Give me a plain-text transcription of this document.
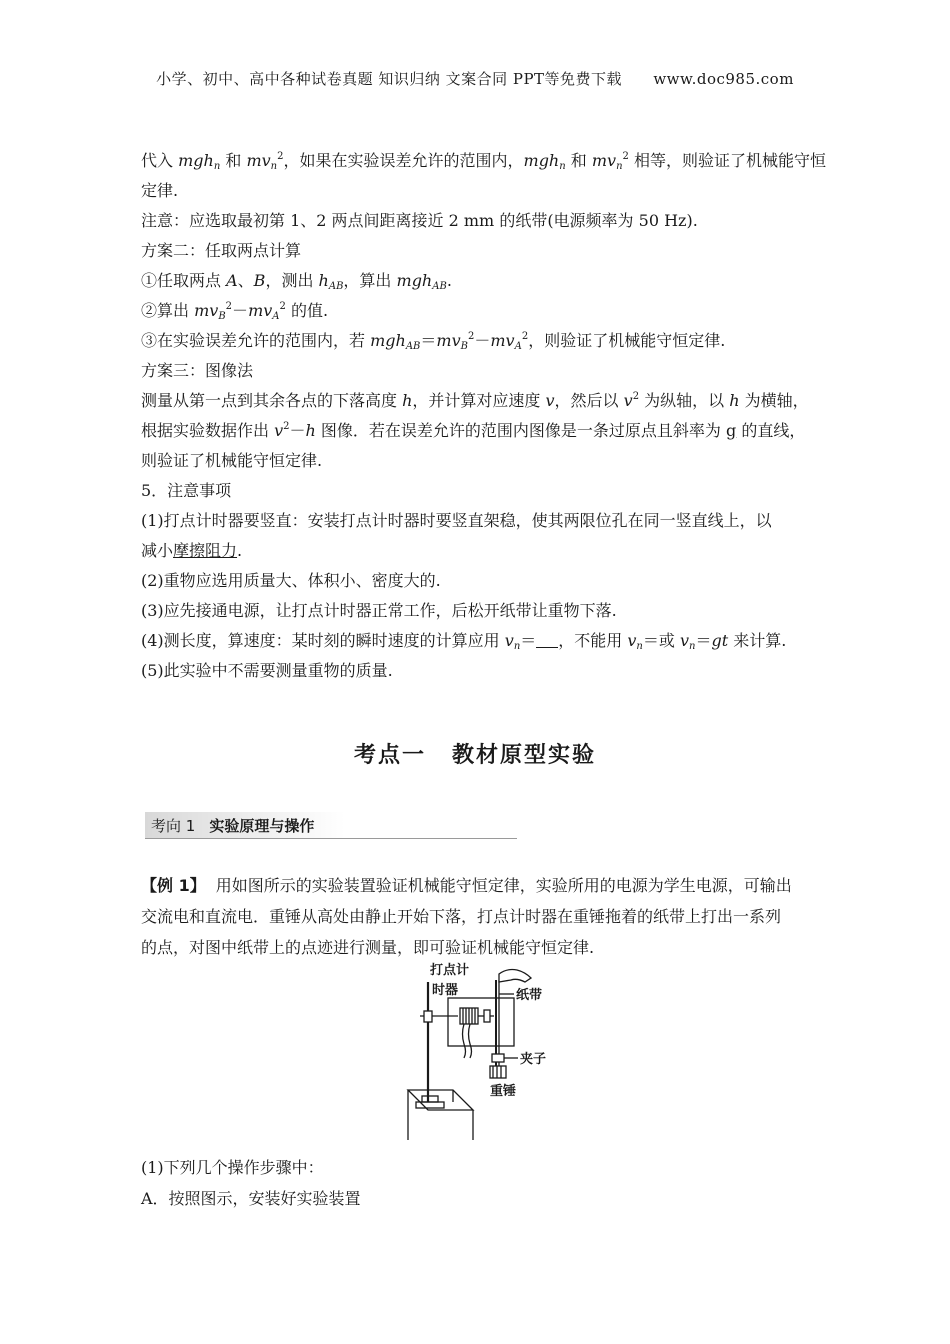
小学、初中、高中各种试卷真题 知识归纳 文案合同 PPT等免费下载 www.doc985.com
代入 mgh$_n$ 和 $mv_n^2$，如果在实验误差允许的范围内，mgh$_n$ 和 $mv_n^2$ 相等，则验证了机械能守恒
定律.
注意：应选取最初第 1、2 两点间距离接近 2 mm 的纸带(电源频率为 50 Hz).
方案二：任取两点计算
①任取两点 A、B，测出 $h_{AB}$，算出 mgh$_{AB}$.
②算出 $mv_B^2-mv_A^2$ 的值.
③在实验误差允许的范围内，若 $mgh_{AB}=mv_B^2-mv_A^2$，则验证了机械能守恒定律.
方案三：图像法
测量从第一点到其余各点的下落高度 h，并计算对应速度 v，然后以 $v^2$ 为纵轴，以 h 为横轴，
根据实验数据作出 $v^2-h$ 图像．若在误差允许的范围内图像是一条过原点且斜率为 g 的直线，
则验证了机械能守恒定律.
5．注意事项
(1)打点计时器要竖直：安装打点计时器时要竖直架稳，使其两限位孔在同一竖直线上，以
减小摩擦阻力.
(2)重物应选用质量大、体积小、密度大的.
(3)应先接通电源，让打点计时器正常工作，后松开纸带让重物下落.
(4)测长度，算速度：某时刻的瞬时速度的计算应用 $v_n=$ ，不能用 $v_n=$或 $v_n=gt$ 来计算.
(5)此实验中不需要测量重物的质量.
考点一 教材原型实验
考向 1 实验原理与操作
【例 1】 用如图所示的实验装置验证机械能守恒定律，实验所用的电源为学生电源，可输出
交流电和直流电．重锤从高处由静止开始下落，打点计时器在重锤拖着的纸带上打出一系列
的点，对图中纸带上的点迹进行测量，即可验证机械能守恒定律.
打点计
时器	纸带
夹子
重锤
(1)下列几个操作步骤中：
A．按照图示，安装好实验装置
